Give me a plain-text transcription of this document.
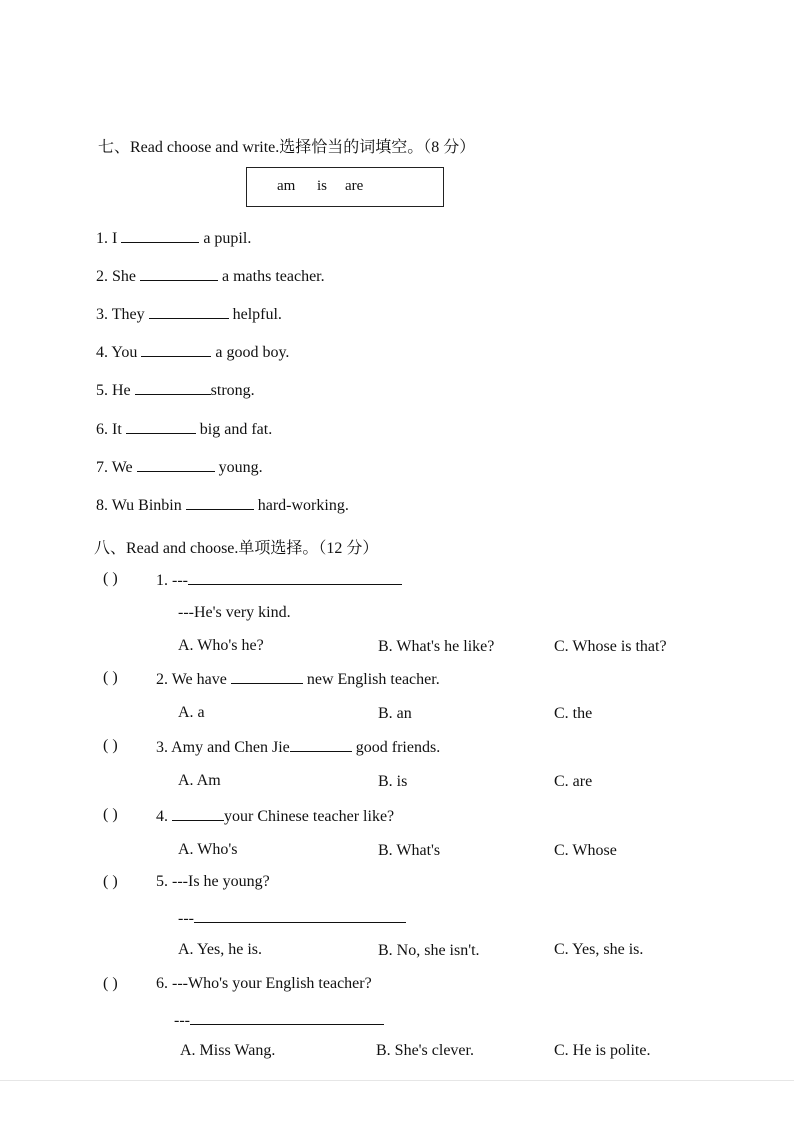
七、Read choose and write.选择恰当的词填空。（8 分）
am is are
1. I	a pupil.
2. She	a maths teacher.
3. They	helpful.
4. You	a good boy.
5. He	strong.
6. It	big and fat.
7. We	young.
8. Wu Binbin	hard-working.
八、Read and choose.单项选择。（12 分）
( ) 1. ---
---He's very kind.
A. Who's he?	B. What's he like?	C. Whose is that?
( ) 2. We have	new English teacher.
A. a	B. an	C. the
( ) 3. Amy and Chen Jie	good friends.
A. Am	B. is	C. are
( ) 4.	your Chinese teacher like?
A. Who's	B. What's	C. Whose
( ) 5. ---Is he young?
---
A. Yes, he is.	B. No, she isn't.	C. Yes, she is.
( ) 6. ---Who's your English teacher?
---
A. Miss Wang.	B. She's clever.	C. He is polite.
